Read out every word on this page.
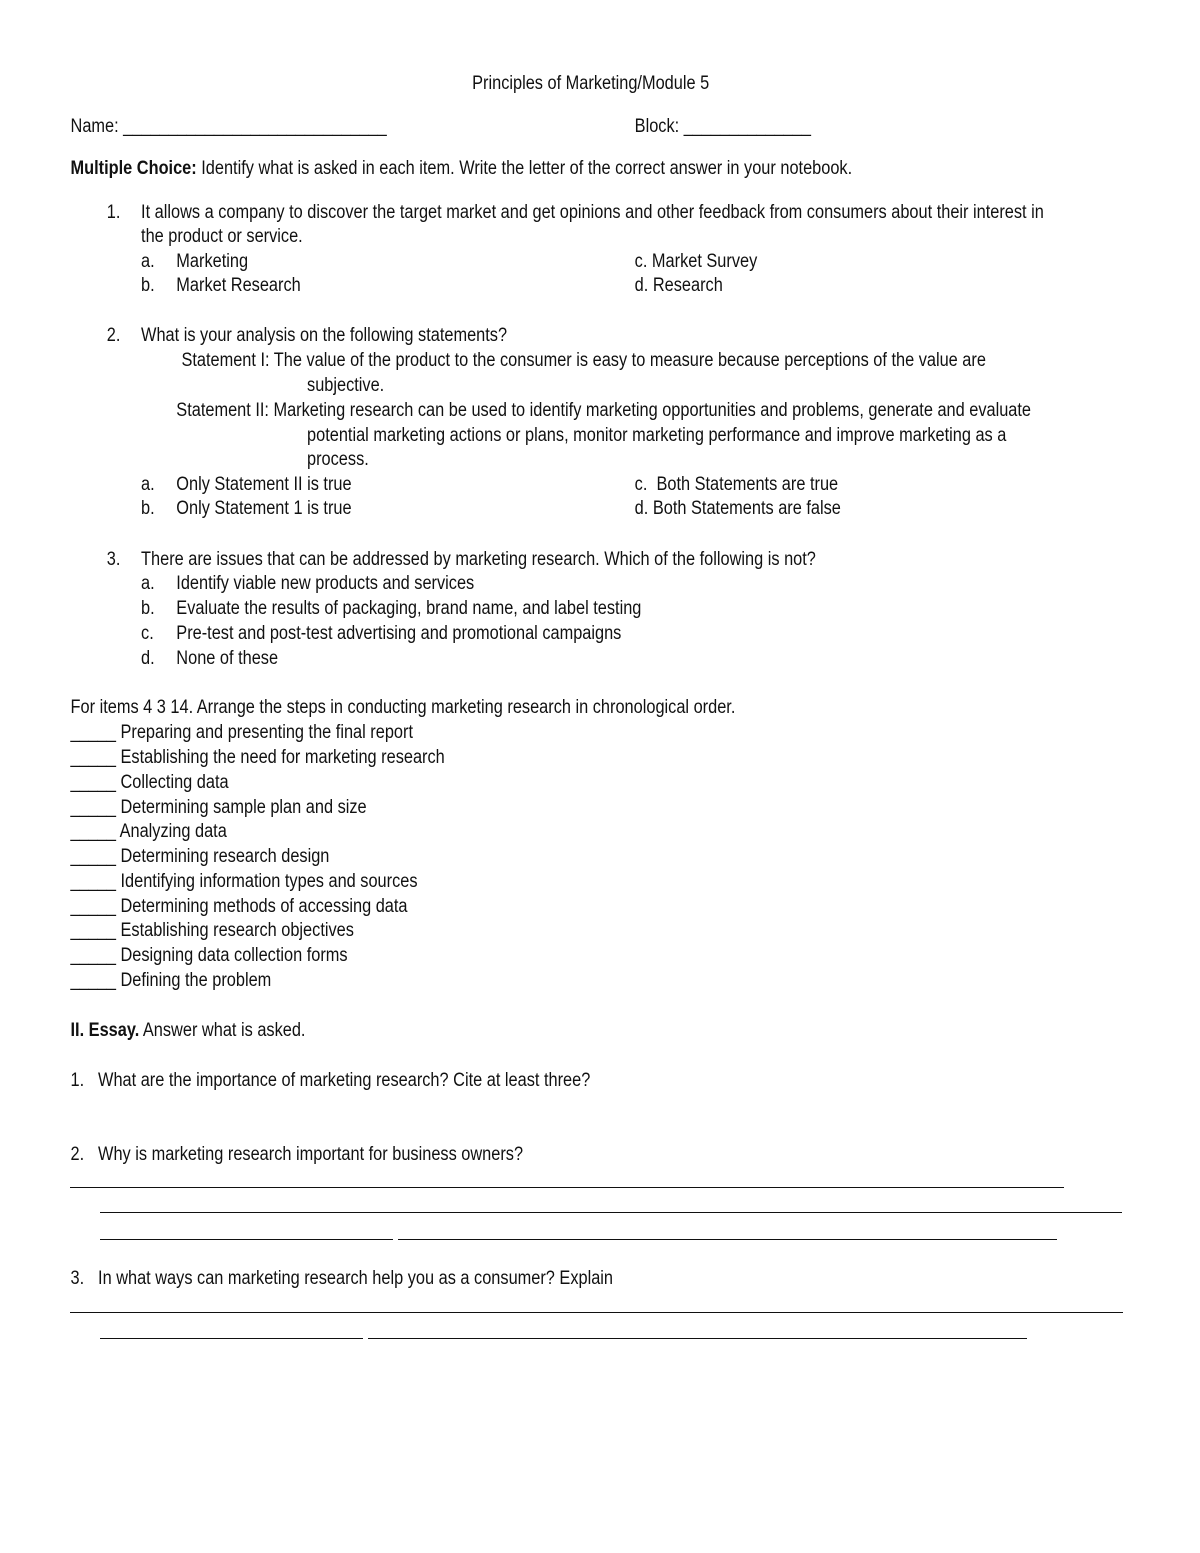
Principles of Marketing/Module 5
Name: _____________________________	Block: ______________
Multiple Choice: Identify what is asked in each item. Write the letter of the correct answer in your notebook.
1. It allows a company to discover the target market and get opinions and other feedback from consumers about their interest in
the product or service.
a. Marketing	c. Market Survey
b. Market Research	d. Research
2. What is your analysis on the following statements?
Statement I: The value of the product to the consumer is easy to measure because perceptions of the value are
subjective.
Statement II: Marketing research can be used to identify marketing opportunities and problems, generate and evaluate
potential marketing actions or plans, monitor marketing performance and improve marketing as a
process.
a. Only Statement II is true	c.  Both Statements are true
b. Only Statement 1 is true	d. Both Statements are false
3. There are issues that can be addressed by marketing research. Which of the following is not?
a. Identify viable new products and services
b. Evaluate the results of packaging, brand name, and label testing
c. Pre-test and post-test advertising and promotional campaigns
d. None of these
For items 4 3 14. Arrange the steps in conducting marketing research in chronological order.
_____ Preparing and presenting the final report
_____ Establishing the need for marketing research
_____ Collecting data
_____ Determining sample plan and size
_____ Analyzing data
_____ Determining research design
_____ Identifying information types and sources
_____ Determining methods of accessing data
_____ Establishing research objectives
_____ Designing data collection forms
_____ Defining the problem
II. Essay. Answer what is asked.
1. What are the importance of marketing research? Cite at least three?
2. Why is marketing research important for business owners?
3. In what ways can marketing research help you as a consumer? Explain
